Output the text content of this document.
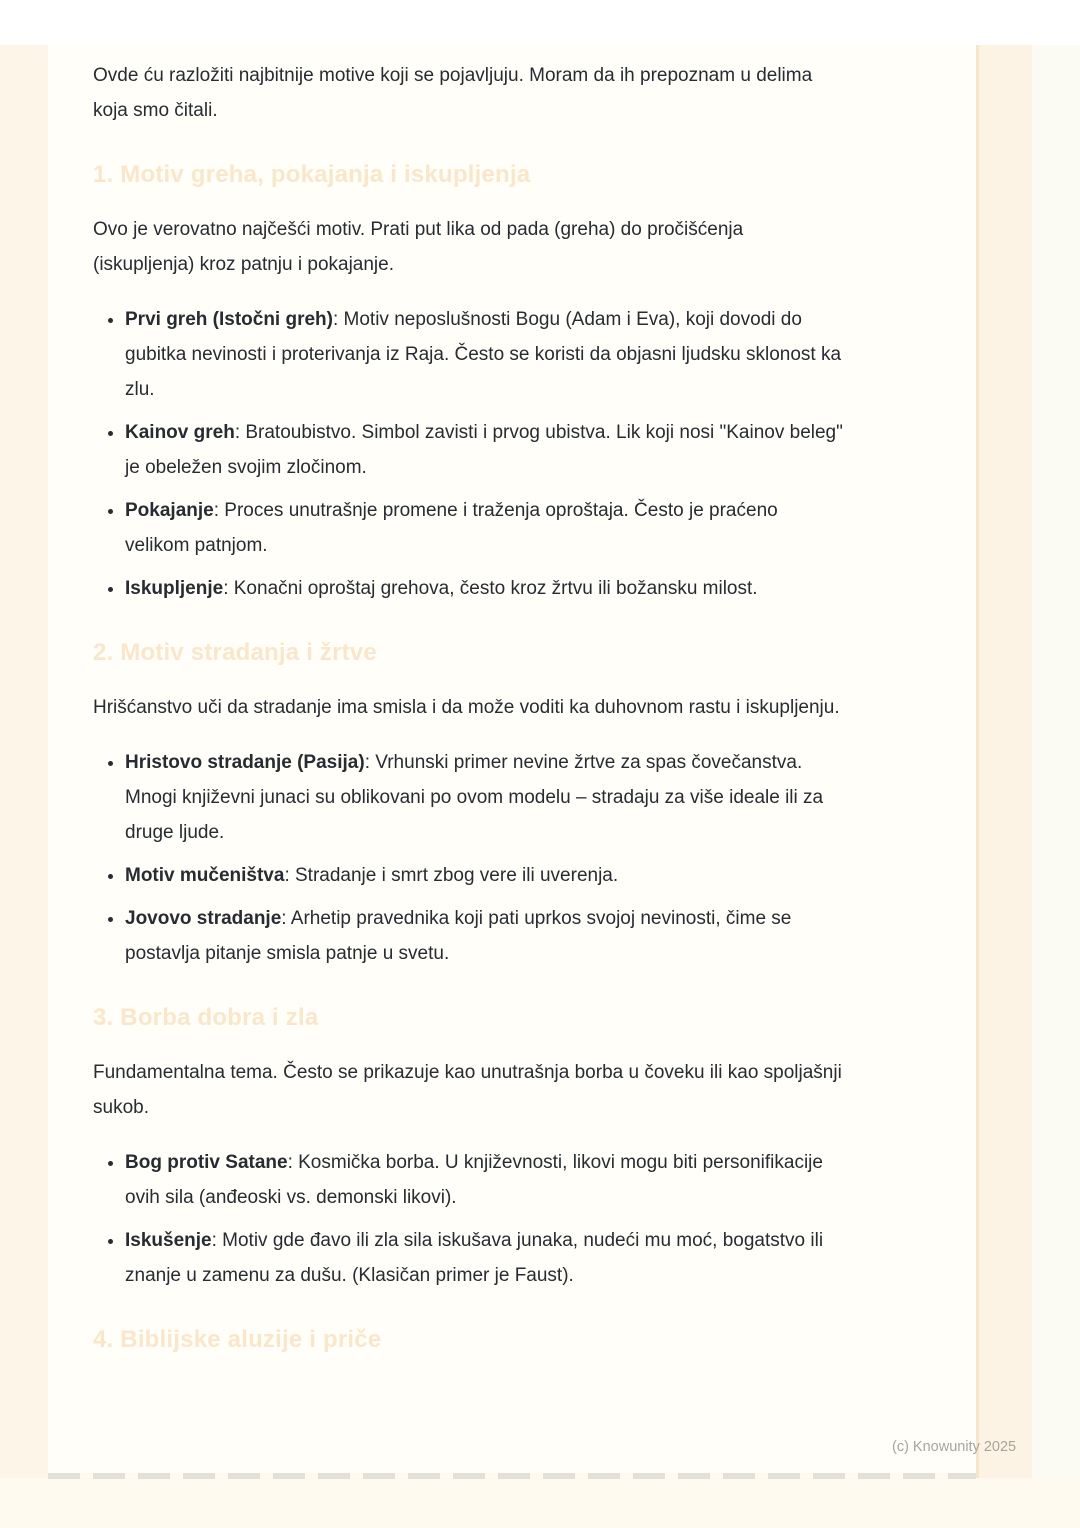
Ovde ću razložiti najbitnije motive koji se pojavljuju. Moram da ih prepoznam u delima koja smo čitali.

1. Motiv greha, pokajanja i iskupljenja

Ovo je verovatno najčešći motiv. Prati put lika od pada (greha) do pročišćenja (iskupljenja) kroz patnju i pokajanje.

• Prvi greh (Istočni greh): Motiv neposlušnosti Bogu (Adam i Eva), koji dovodi do gubitka nevinosti i proterivanja iz Raja. Često se koristi da objasni ljudsku sklonost ka zlu.
• Kainov greh: Bratoubistvo. Simbol zavisti i prvog ubistva. Lik koji nosi "Kainov beleg" je obeležen svojim zločinom.
• Pokajanje: Proces unutrašnje promene i traženja oproštaja. Često je praćeno velikom patnjom.
• Iskupljenje: Konačni oproštaj grehova, često kroz žrtvu ili božansku milost.
2. Motiv stradanja i žrtve

Hrišćanstvo uči da stradanje ima smisla i da može voditi ka duhovnom rastu i iskupljenju.

• Hristovo stradanje (Pasija): Vrhunski primer nevine žrtve za spas čovečanstva. Mnogi književni junaci su oblikovani po ovom modelu – stradaju za više ideale ili za druge ljude.
• Motiv mučeništva: Stradanje i smrt zbog vere ili uverenja.
• Jovovo stradanje: Arhetip pravednika koji pati uprkos svojoj nevinosti, čime se postavlja pitanje smisla patnje u svetu.
3. Borba dobra i zla

Fundamentalna tema. Često se prikazuje kao unutrašnja borba u čoveku ili kao spoljašnji sukob.

• Bog protiv Satane: Kosmička borba. U književnosti, likovi mogu biti personifikacije ovih sila (anđeoski vs. demonski likovi).
• Iskušenje: Motiv gde đavo ili zla sila iskušava junaka, nudeći mu moć, bogatstvo ili znanje u zamenu za dušu. (Klasičan primer je Faust).
4. Biblijske aluzije i priče
(c) Knowunity 2025
